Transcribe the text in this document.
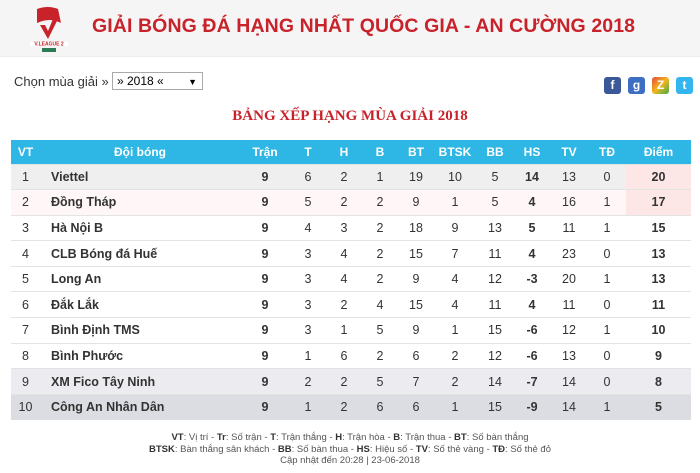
V.LEAGUE 2
GIẢI BÓNG ĐÁ HẠNG NHẤT QUỐC GIA - AN CƯỜNG 2018
Chọn mùa giải » » 2018 «	▼	f	g	Z	t
BẢNG XẾP HẠNG MÙA GIẢI 2018
VT	Đội bóng	Trận	T	H	B	BT	BTSK	BB	HS	TV	TĐ	Điểm
1	Viettel	9	6	2	1	19	10	5	14	13	0	20
2	Đồng Tháp	9	5	2	2	9	1	5	4	16	1	17
3	Hà Nội B	9	4	3	2	18	9	13	5	11	1	15
4	CLB Bóng đá Huế	9	3	4	2	15	7	11	4	23	0	13
5	Long An	9	3	4	2	9	4	12	-3	20	1	13
6	Đắk Lắk	9	3	2	4	15	4	11	4	11	0	11
7	Bình Định TMS	9	3	1	5	9	1	15	-6	12	1	10
8	Bình Phước	9	1	6	2	6	2	12	-6	13	0	9
9	XM Fico Tây Ninh	9	2	2	5	7	2	14	-7	14	0	8
10	Công An Nhân Dân	9	1	2	6	6	1	15	-9	14	1	5
VT: Vị trí - Tr: Số trận - T: Trận thắng - H: Trận hòa - B: Trận thua - BT: Số bàn thắng
BTSK: Bàn thắng sân khách - BB: Số bàn thua - HS: Hiệu số - TV: Số thẻ vàng - TĐ: Số thẻ đỏ
Cập nhật đến 20:28 | 23-06-2018
